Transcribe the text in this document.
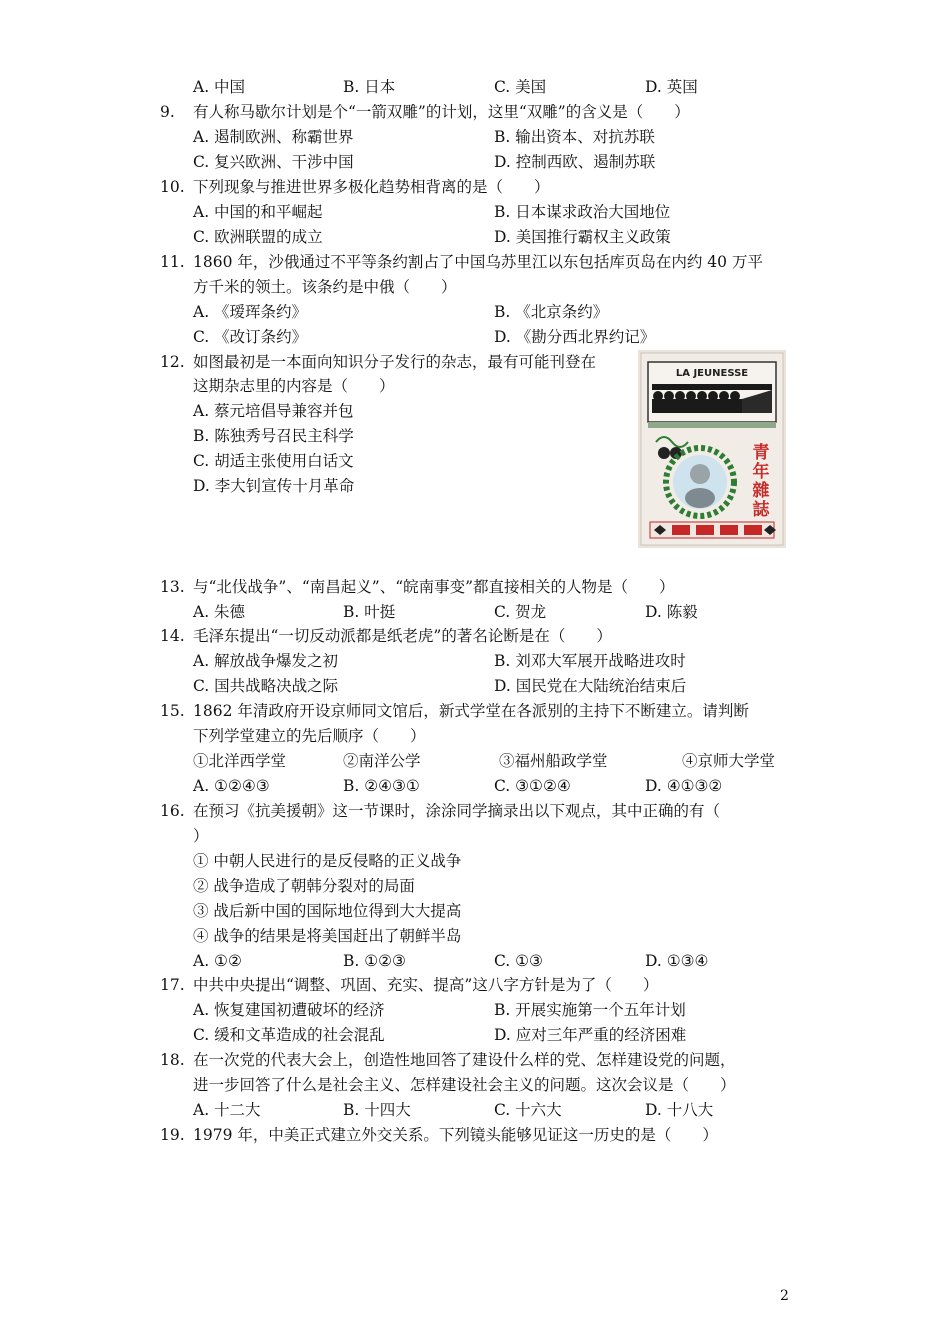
A. 中国	B. 日本	C. 美国	D. 英国
9. 有人称马歇尔计划是个“一箭双雕”的计划，这里“双雕”的含义是（　　）
A. 遏制欧洲、称霸世界	B. 输出资本、对抗苏联
C. 复兴欧洲、干涉中国	D. 控制西欧、遏制苏联
10. 下列现象与推进世界多极化趋势相背离的是（　　）
A. 中国的和平崛起	B. 日本谋求政治大国地位
C. 欧洲联盟的成立	D. 美国推行霸权主义政策
11. 1860 年，沙俄通过不平等条约割占了中国乌苏里江以东包括库页岛在内约 40 万平
方千米的领土。该条约是中俄（　　）
A. 《瑷珲条约》	B. 《北京条约》
C. 《改订条约》	D. 《勘分西北界约记》
12. 如图最初是一本面向知识分子发行的杂志，最有可能刊登在
这期杂志里的内容是（　　）
A. 蔡元培倡导兼容并包
B. 陈独秀号召民主科学
C. 胡适主张使用白话文
D. 李大钊宣传十月革命
LA JEUNESSE
青
年
雜
誌
13. 与“北伐战争”、“南昌起义”、“皖南事变”都直接相关的人物是（　　）
A. 朱德	B. 叶挺	C. 贺龙	D. 陈毅
14. 毛泽东提出“一切反动派都是纸老虎”的著名论断是在（　　）
A. 解放战争爆发之初	B. 刘邓大军展开战略进攻时
C. 国共战略决战之际	D. 国民党在大陆统治结束后
15. 1862 年清政府开设京师同文馆后，新式学堂在各派别的主持下不断建立。请判断
下列学堂建立的先后顺序（　　）
①北洋西学堂	②南洋公学	③福州船政学堂	④京师大学堂
A. ①②④③	B. ②④③①	C. ③①②④	D. ④①③②
16. 在预习《抗美援朝》这一节课时，涂涂同学摘录出以下观点，其中正确的有（
）
① 中朝人民进行的是反侵略的正义战争
② 战争造成了朝韩分裂对的局面
③ 战后新中国的国际地位得到大大提高
④ 战争的结果是将美国赶出了朝鲜半岛
A. ①②	B. ①②③	C. ①③	D. ①③④
17. 中共中央提出“调整、巩固、充实、提高”这八字方针是为了（　　）
A. 恢复建国初遭破坏的经济	B. 开展实施第一个五年计划
C. 缓和文革造成的社会混乱	D. 应对三年严重的经济困难
18. 在一次党的代表大会上，创造性地回答了建设什么样的党、怎样建设党的问题，
进一步回答了什么是社会主义、怎样建设社会主义的问题。这次会议是（　　）
A. 十二大	B. 十四大	C. 十六大	D. 十八大
19. 1979 年，中美正式建立外交关系。下列镜头能够见证这一历史的是（　　）
2
